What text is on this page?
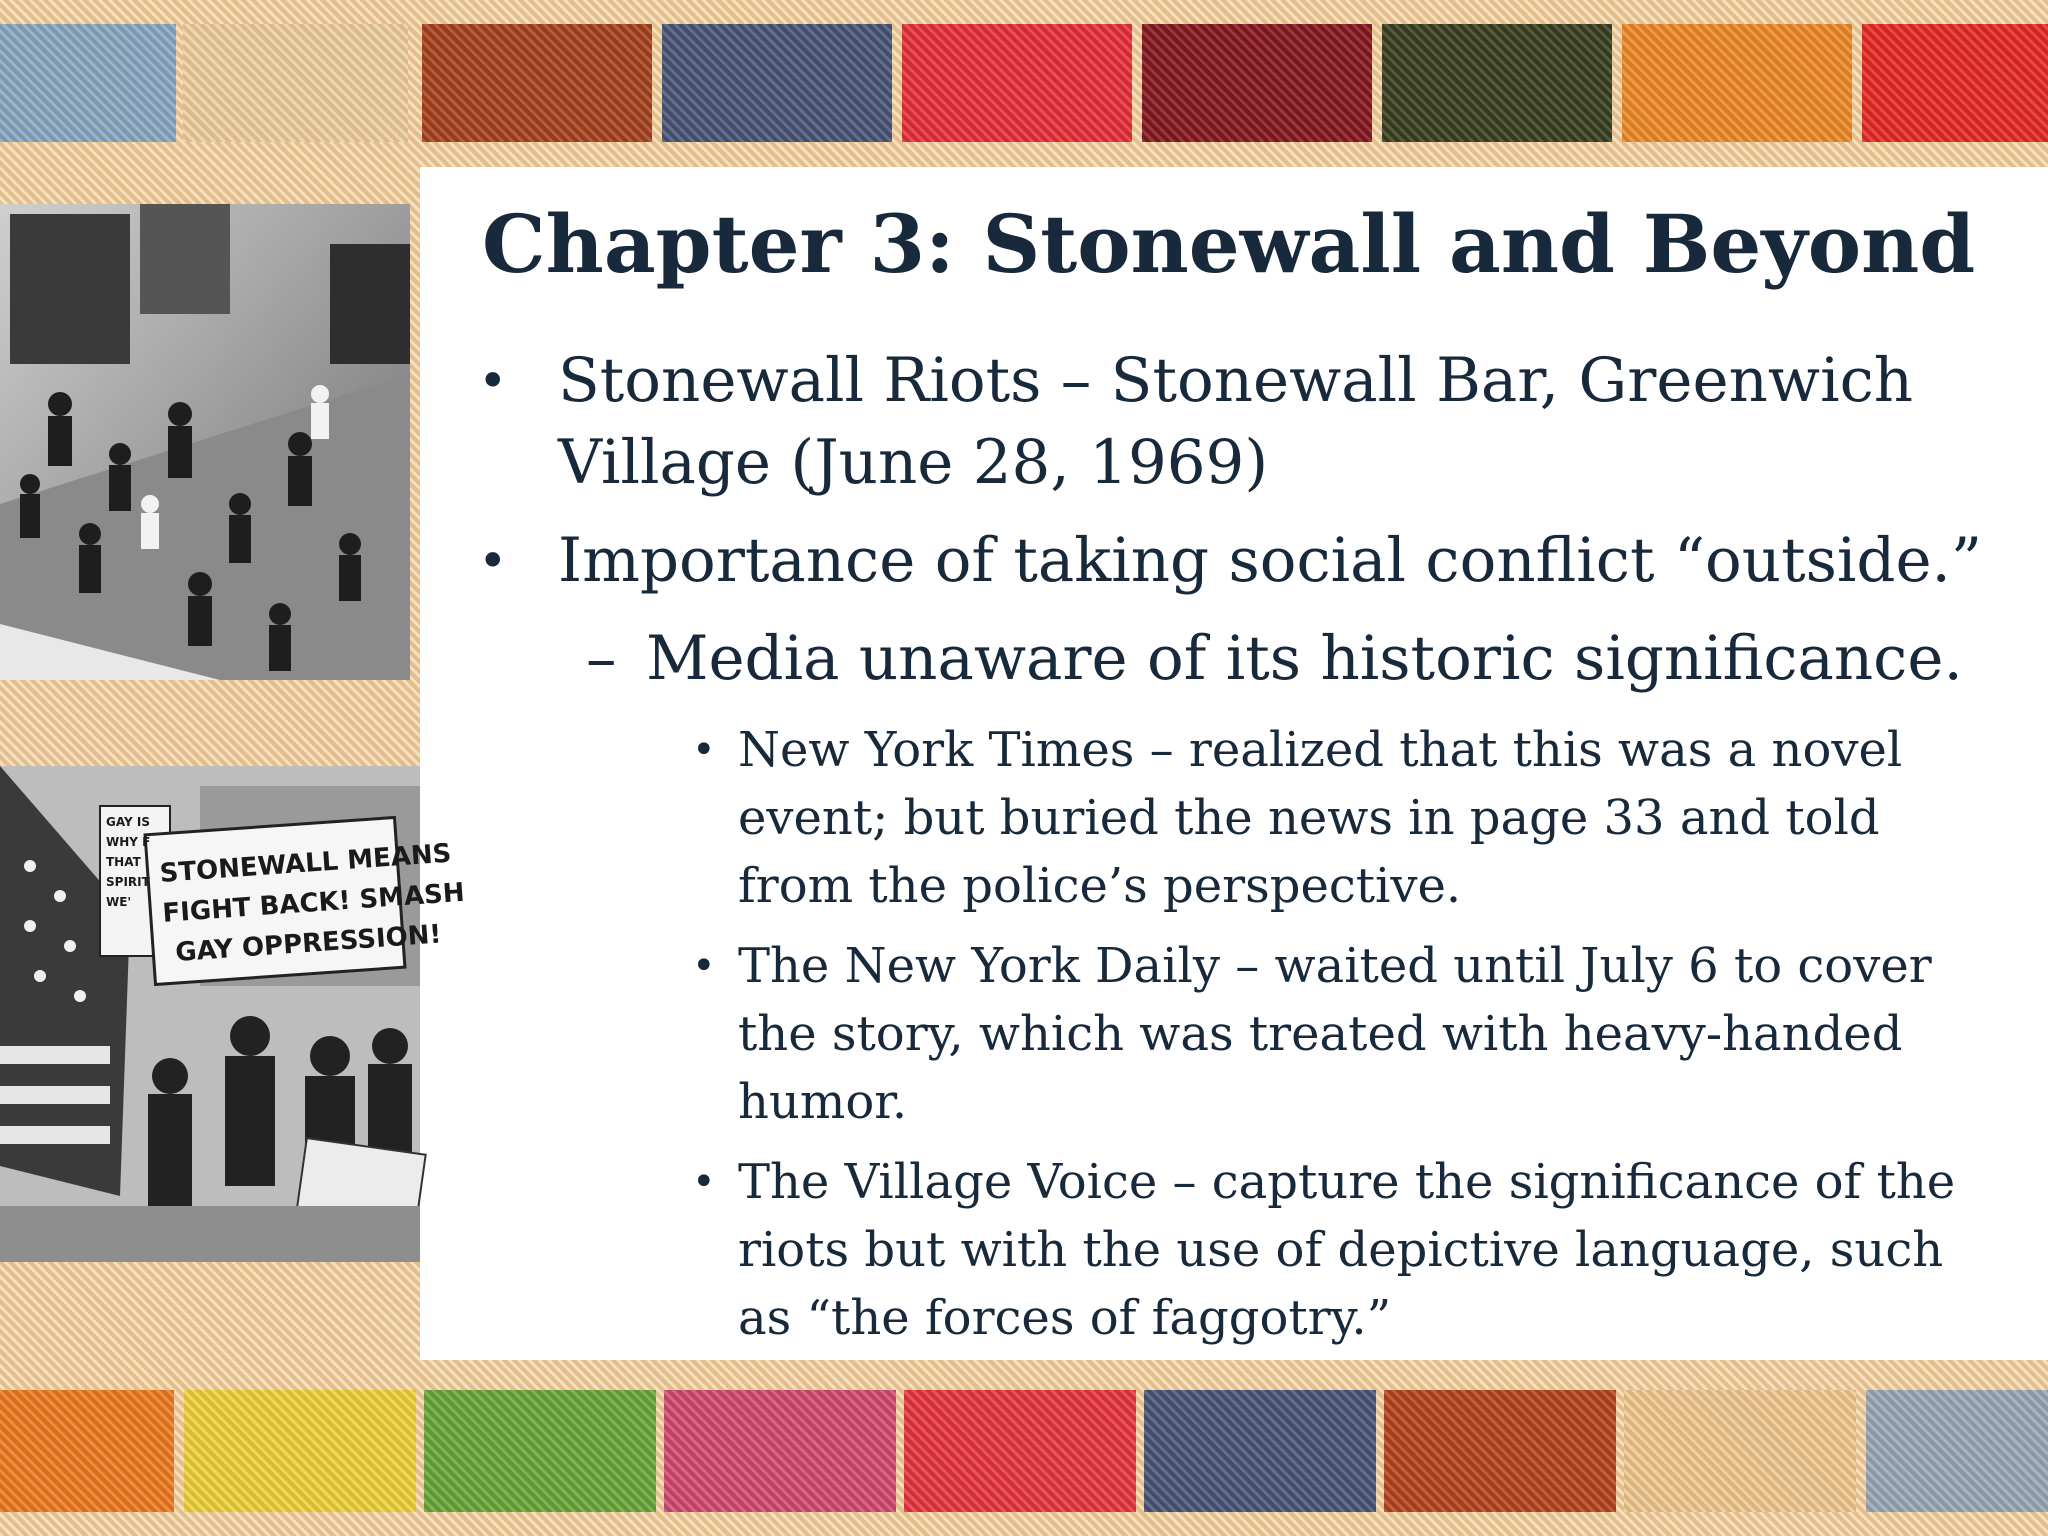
STONEWALL MEANS
FIGHT BACK! SMASH
GAY OPPRESSION!
GAY IS
WHY F
THAT
SPIRIT
WE'
Chapter 3: Stonewall and Beyond
• Stonewall Riots – Stonewall Bar, Greenwich Village (June 28, 1969)
• Importance of taking social conflict “outside.”
– Media unaware of its historic significance.
• New York Times – realized that this was a novel event; but buried the news in page 33 and told from the police’s perspective.
• The New York Daily – waited until July 6 to cover the story, which was treated with heavy-handed humor.
• The Village Voice – capture the significance of the riots but with the use of depictive language, such as “the forces of faggotry.”
